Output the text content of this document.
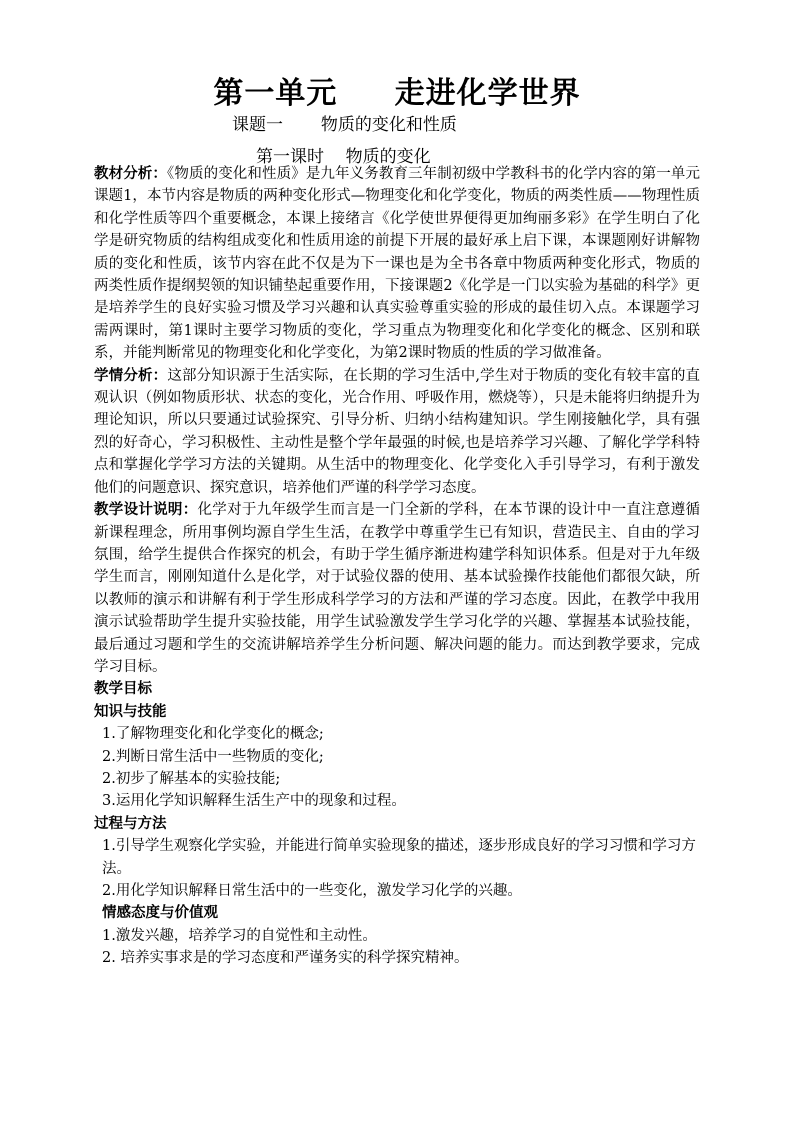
第一单元     走进化学世界
课题一       物质的变化和性质
第一课时    物质的变化

教材分析：《物质的变化和性质》是九年义务教育三年制初级中学教科书的化学内容的第一单元课题1，本节内容是物质的两种变化形式—物理变化和化学变化，物质的两类性质——物理性质和化学性质等四个重要概念，本课上接绪言《化学使世界便得更加绚丽多彩》在学生明白了化学是研究物质的结构组成变化和性质用途的前提下开展的最好承上启下课，本课题刚好讲解物质的变化和性质，该节内容在此不仅是为下一课也是为全书各章中物质两种变化形式，物质的两类性质作提纲契领的知识铺垫起重要作用，下接课题2《化学是一门以实验为基础的科学》更是培养学生的良好实验习惯及学习兴趣和认真实验尊重实验的形成的最佳切入点。本课题学习需两课时，第1课时主要学习物质的变化，学习重点为物理变化和化学变化的概念、区别和联系，并能判断常见的物理变化和化学变化，为第2课时物质的性质的学习做准备。

学情分析：这部分知识源于生活实际，在长期的学习生活中,学生对于物质的变化有较丰富的直观认识（例如物质形状、状态的变化，光合作用、呼吸作用，燃烧等），只是未能将归纳提升为理论知识，所以只要通过试验探究、引导分析、归纳小结构建知识。学生刚接触化学，具有强烈的好奇心，学习积极性、主动性是整个学年最强的时候,也是培养学习兴趣、了解化学学科特点和掌握化学学习方法的关键期。从生活中的物理变化、化学变化入手引导学习，有利于激发他们的问题意识、探究意识，培养他们严谨的科学学习态度。

教学设计说明：化学对于九年级学生而言是一门全新的学科，在本节课的设计中一直注意遵循新课程理念，所用事例均源自学生生活，在教学中尊重学生已有知识，营造民主、自由的学习氛围，给学生提供合作探究的机会，有助于学生循序渐进构建学科知识体系。但是对于九年级学生而言，刚刚知道什么是化学，对于试验仪器的使用、基本试验操作技能他们都很欠缺，所以教师的演示和讲解有利于学生形成科学学习的方法和严谨的学习态度。因此，在教学中我用演示试验帮助学生提升实验技能，用学生试验激发学生学习化学的兴趣、掌握基本试验技能，最后通过习题和学生的交流讲解培养学生分析问题、解决问题的能力。而达到教学要求，完成学习目标。

教学目标

知识与技能

1.了解物理变化和化学变化的概念;

2.判断日常生活中一些物质的变化;

2.初步了解基本的实验技能;

3.运用化学知识解释生活生产中的现象和过程。

过程与方法

1.引导学生观察化学实验，并能进行简单实验现象的描述，逐步形成良好的学习习惯和学习方法。

2.用化学知识解释日常生活中的一些变化，激发学习化学的兴趣。

情感态度与价值观

1.激发兴趣，培养学习的自觉性和主动性。

2. 培养实事求是的学习态度和严谨务实的科学探究精神。
